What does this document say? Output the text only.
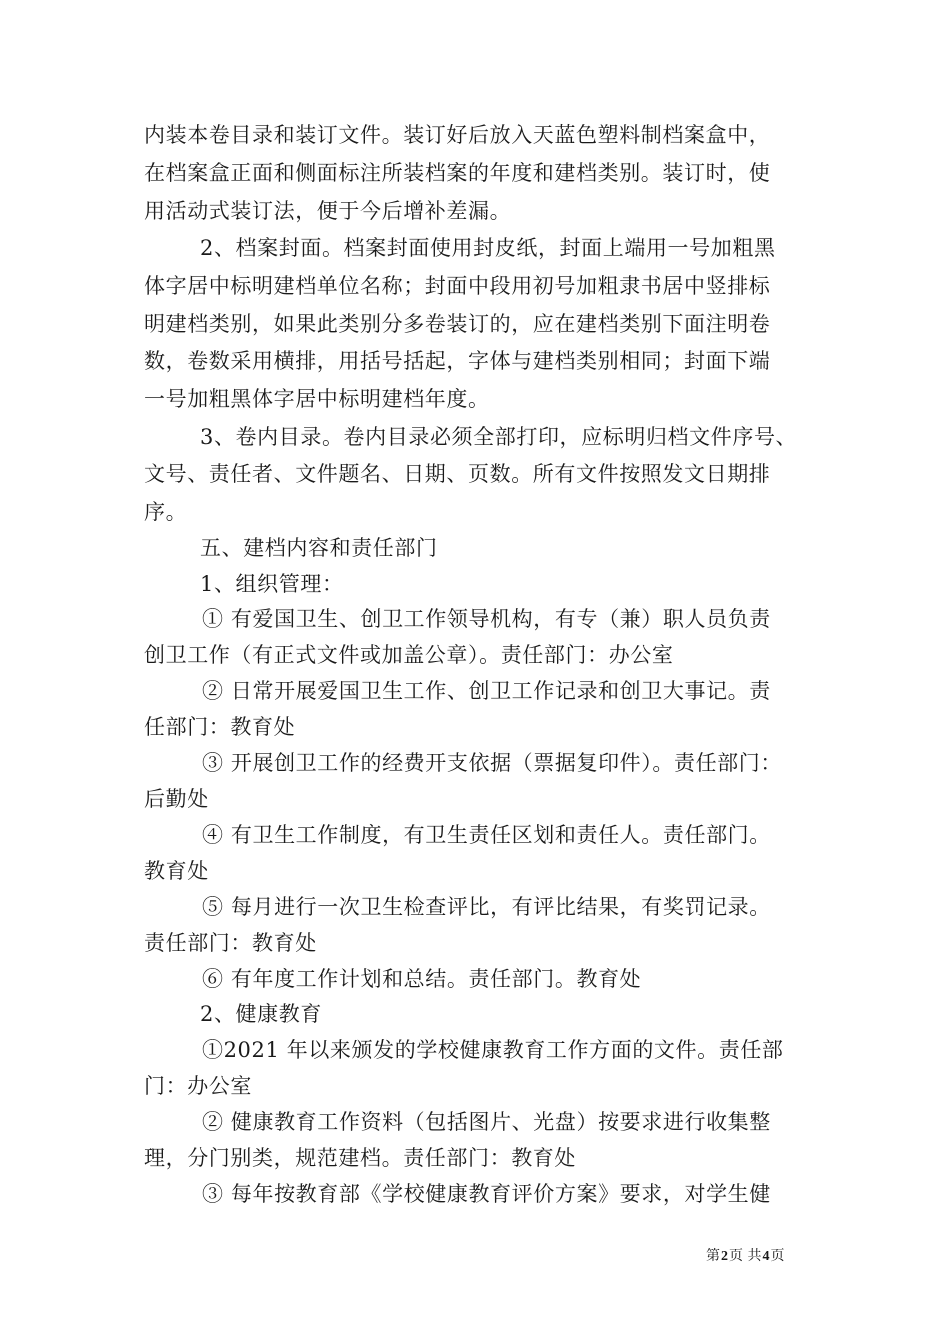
内装本卷目录和装订文件。装订好后放入天蓝色塑料制档案盒中，
在档案盒正面和侧面标注所装档案的年度和建档类别。装订时，使
用活动式装订法，便于今后增补差漏。
2、档案封面。档案封面使用封皮纸，封面上端用一号加粗黑
体字居中标明建档单位名称；封面中段用初号加粗隶书居中竖排标
明建档类别，如果此类别分多卷装订的，应在建档类别下面注明卷
数，卷数采用横排，用括号括起，字体与建档类别相同；封面下端
一号加粗黑体字居中标明建档年度。
3、卷内目录。卷内目录必须全部打印，应标明归档文件序号、
文号、责任者、文件题名、日期、页数。所有文件按照发文日期排
序。
五、建档内容和责任部门
1、组织管理：
① 有爱国卫生、创卫工作领导机构，有专（兼）职人员负责
创卫工作（有正式文件或加盖公章）。责任部门：办公室
② 日常开展爱国卫生工作、创卫工作记录和创卫大事记。责
任部门：教育处
③ 开展创卫工作的经费开支依据（票据复印件）。责任部门：
后勤处
④ 有卫生工作制度，有卫生责任区划和责任人。责任部门。
教育处
⑤ 每月进行一次卫生检查评比，有评比结果，有奖罚记录。
责任部门：教育处
⑥ 有年度工作计划和总结。责任部门。教育处
2、健康教育
①2021 年以来颁发的学校健康教育工作方面的文件。责任部
门：办公室
② 健康教育工作资料（包括图片、光盘）按要求进行收集整
理，分门别类，规范建档。责任部门：教育处
③ 每年按教育部《学校健康教育评价方案》要求，对学生健
第2页 共4页
